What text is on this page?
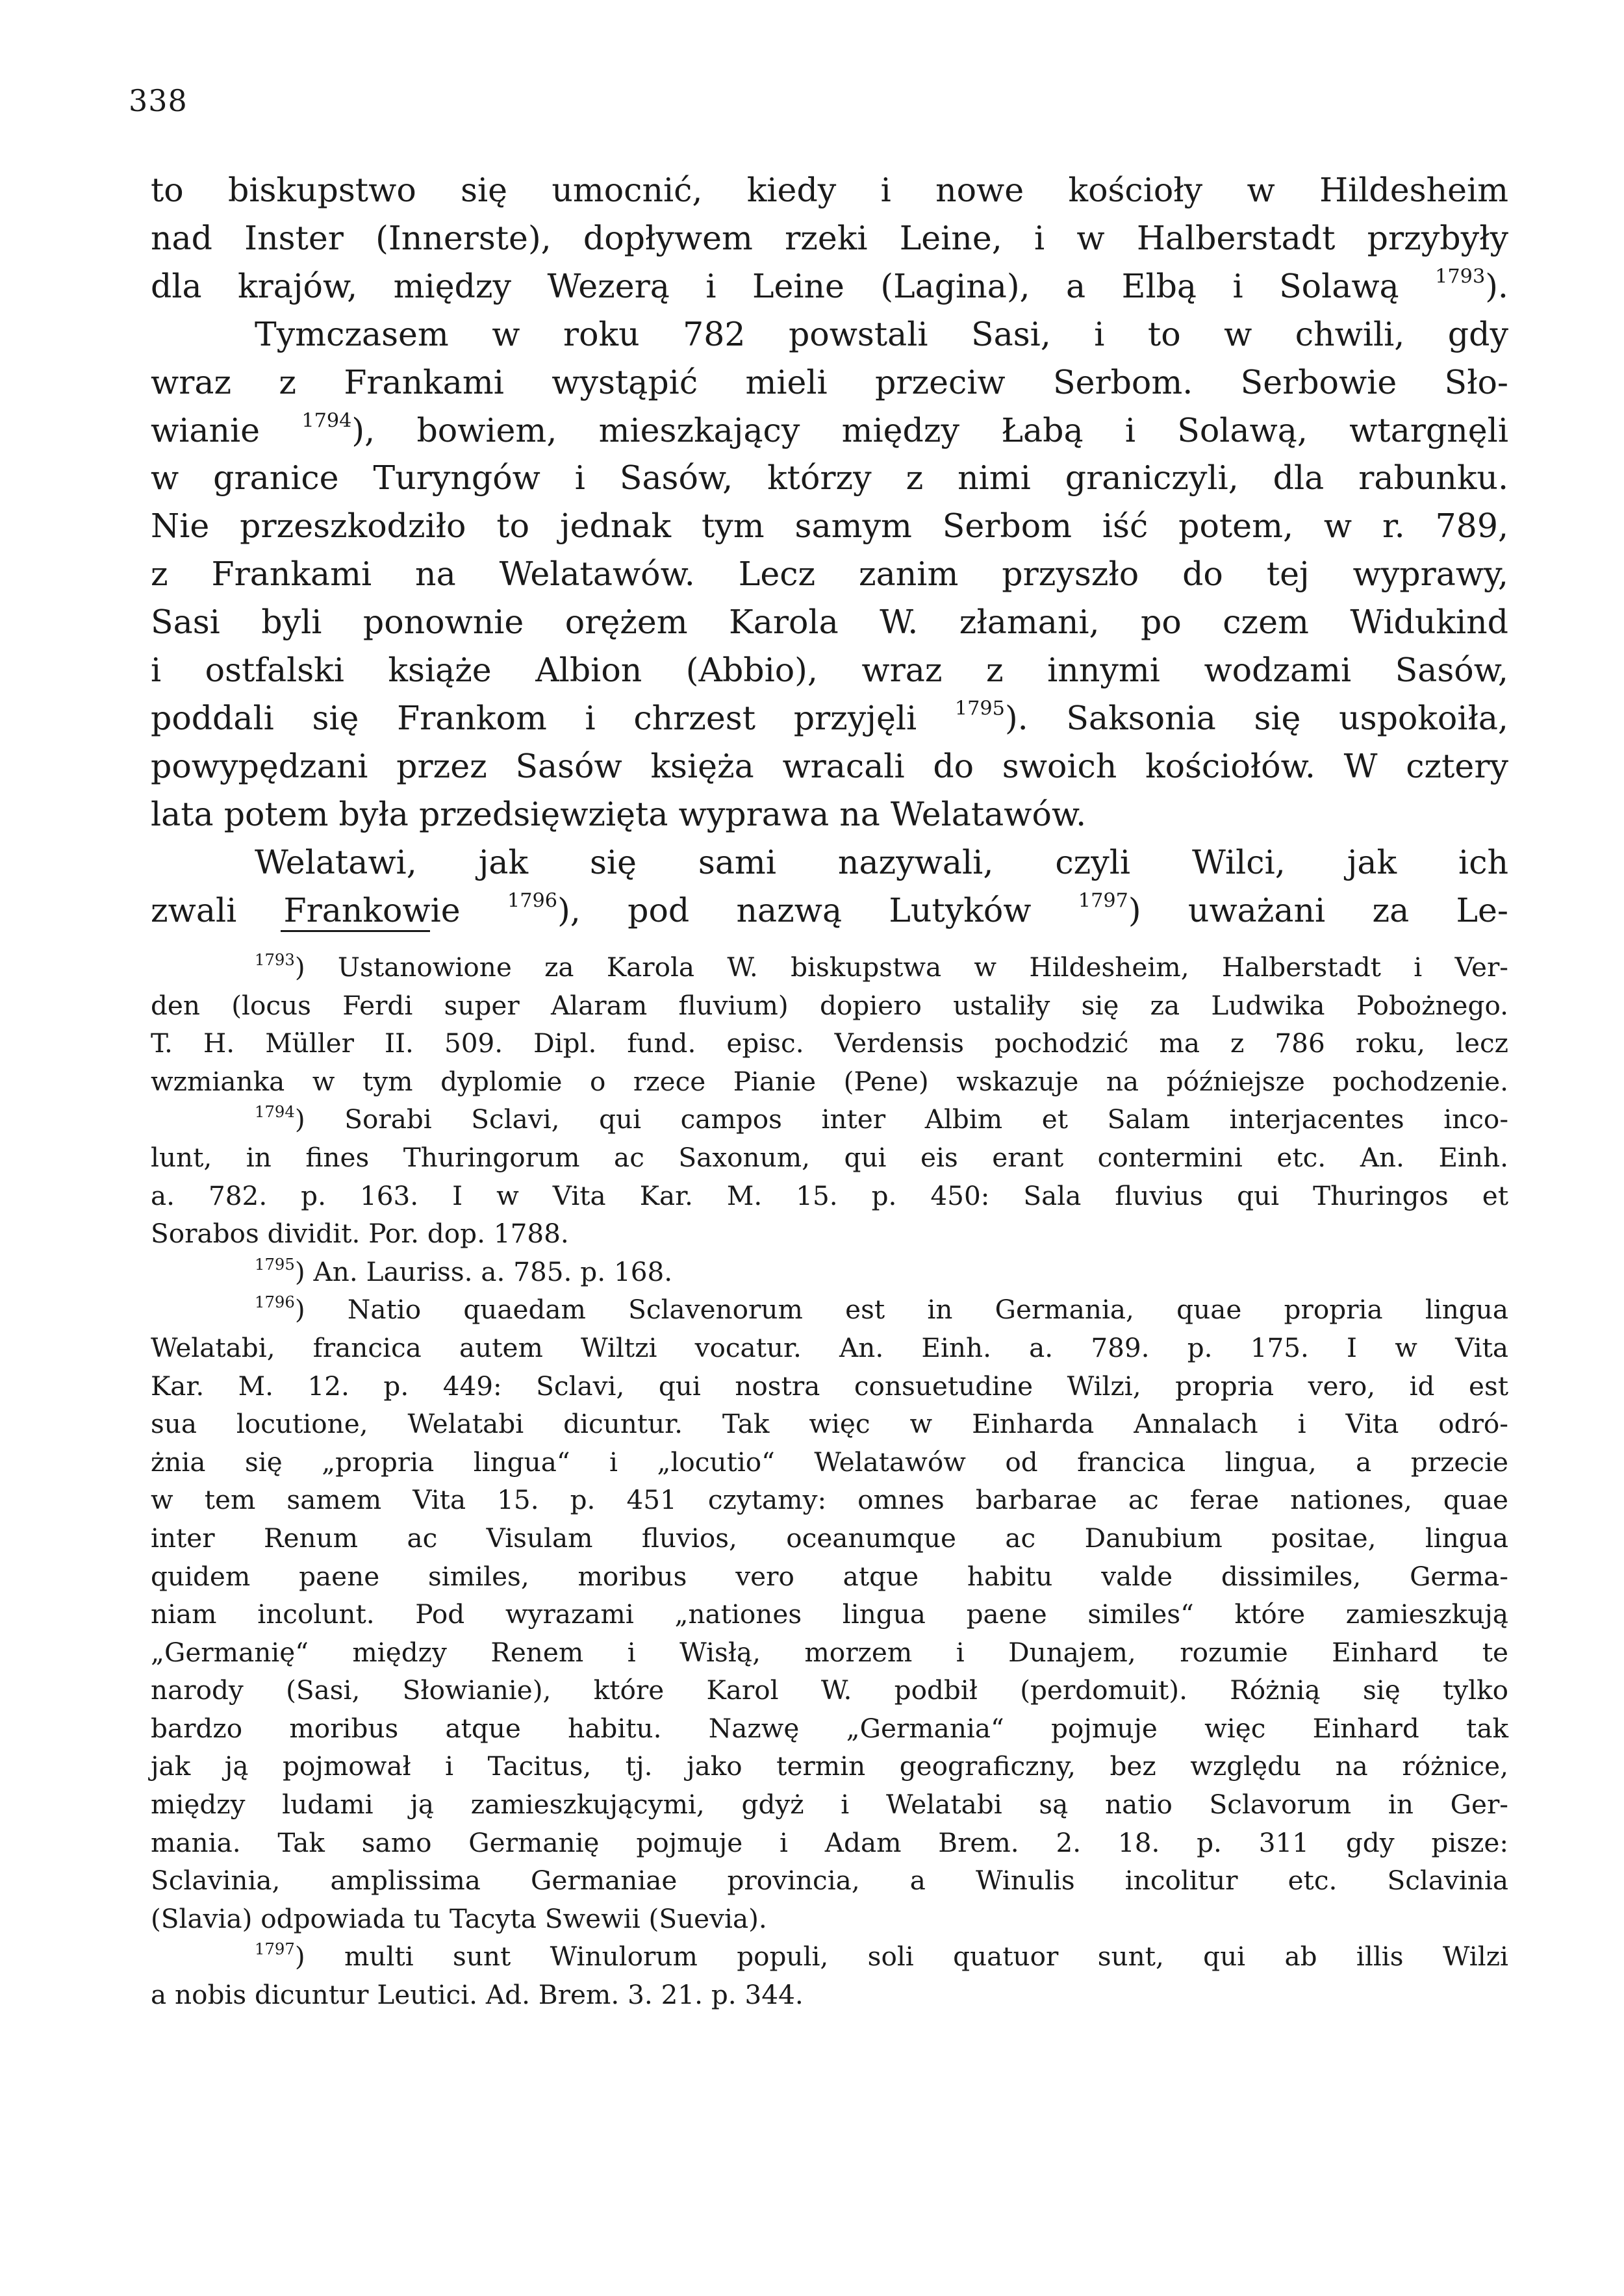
338
to biskupstwo się umocnić, kiedy i nowe kościoły w Hildesheim
nad Inster (Innerste), dopływem rzeki Leine, i w Halberstadt przybyły
dla krajów, między Wezerą i Leine (Lagina), a Elbą i Solawą $^{1793}$).
Tymczasem w roku 782 powstali Sasi, i to w chwili, gdy
wraz z Frankami wystąpić mieli przeciw Serbom. Serbowie Sło-
wianie $^{1794}$), bowiem, mieszkający między Łabą i Solawą, wtargnęli
w granice Turyngów i Sasów, którzy z nimi graniczyli, dla rabunku.
Nie przeszkodziło to jednak tym samym Serbom iść potem, w r. 789,
z Frankami na Welatawów. Lecz zanim przyszło do tej wyprawy,
Sasi byli ponownie orężem Karola W. złamani, po czem Widukind
i ostfalski książe Albion (Abbio), wraz z innymi wodzami Sasów,
poddali się Frankom i chrzest przyjęli $^{1795}$). Saksonia się uspokoiła,
powypędzani przez Sasów księża wracali do swoich kościołów. W cztery
lata potem była przedsięwzięta wyprawa na Welatawów.
Welatawi, jak się sami nazywali, czyli Wilci, jak ich
zwali Frankowie $^{1796}$), pod nazwą Lutyków $^{1797}$) uważani za Le-
$^{1793}$) Ustanowione za Karola W. biskupstwa w Hildesheim, Halberstadt i Ver-
den (locus Ferdi super Alaram fluvium) dopiero ustaliły się za Ludwika Pobożnego.
T. H. Müller II. 509. Dipl. fund. episc. Verdensis pochodzić ma z 786 roku, lecz
wzmianka w tym dyplomie o rzece Pianie (Pene) wskazuje na późniejsze pochodzenie.
$^{1794}$) Sorabi Sclavi, qui campos inter Albim et Salam interjacentes inco-
lunt, in fines Thuringorum ac Saxonum, qui eis erant contermini etc. An. Einh.
a. 782. p. 163. I w Vita Kar. M. 15. p. 450: Sala fluvius qui Thuringos et
Sorabos dividit. Por. dop. 1788.
$^{1795}$) An. Lauriss. a. 785. p. 168.
$^{1796}$) Natio quaedam Sclavenorum est in Germania, quae propria lingua
Welatabi, francica autem Wiltzi vocatur. An. Einh. a. 789. p. 175. I w Vita
Kar. M. 12. p. 449: Sclavi, qui nostra consuetudine Wilzi, propria vero, id est
sua locutione, Welatabi dicuntur. Tak więc w Einharda Annalach i Vita odró-
żnia się „propria lingua“ i „locutio“ Welatawów od francica lingua, a przecie
w tem samem Vita 15. p. 451 czytamy: omnes barbarae ac ferae nationes, quae
inter Renum ac Visulam fluvios, oceanumque ac Danubium positae, lingua
quidem paene similes, moribus vero atque habitu valde dissimiles, Germa-
niam incolunt. Pod wyrazami „nationes lingua paene similes“ które zamieszkują
„Germanię“ między Renem i Wisłą, morzem i Dunajem, rozumie Einhard te
narody (Sasi, Słowianie), które Karol W. podbił (perdomuit). Różnią się tylko
bardzo moribus atque habitu. Nazwę „Germania“ pojmuje więc Einhard tak
jak ją pojmował i Tacitus, tj. jako termin geograficzny, bez względu na różnice,
między ludami ją zamieszkującymi, gdyż i Welatabi są natio Sclavorum in Ger-
mania. Tak samo Germanię pojmuje i Adam Brem. 2. 18. p. 311 gdy pisze:
Sclavinia, amplissima Germaniae provincia, a Winulis incolitur etc. Sclavinia
(Slavia) odpowiada tu Tacyta Swewii (Suevia).
$^{1797}$) multi sunt Winulorum populi, soli quatuor sunt, qui ab illis Wilzi
a nobis dicuntur Leutici. Ad. Brem. 3. 21. p. 344.
